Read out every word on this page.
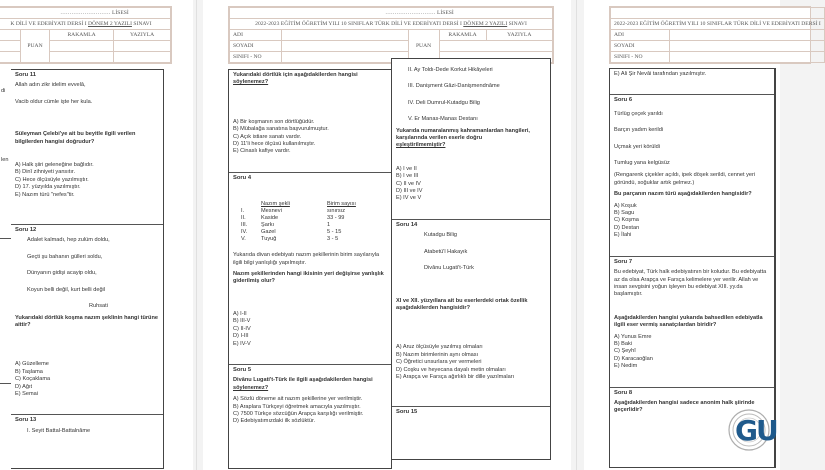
……………………… LİSESİ			
K DİLİ VE EDEBİYATI DERSİ I DÖNEM 2 YAZILI SINAVI			
	PUAN	RAKAMLA	YAZIYLA

di
len
Soru 11
Allah adın zikr idelim evvelâ,
Vacib oldur cümle işte her kula.
Süleyman Çelebi'ye ait bu beyitle ilgili verilen bilgilerden hangisi doğrudur?
A) Halk şiiri geleneğine bağlıdır.
B) Dinî zihniyeti yansıtır.
C) Hece ölçüsüyle yazılmıştır.
D) 17. yüzyılda yazılmıştır.
E) Nazım türü "nefes"tir.
Soru 12
Adalet kalmadı, hep zulüm doldu,
Geçti şu bahanın gülleri soldu,
Dünyanın gidişi acayip oldu,
Koyun belli değil, kurt belli değil
Ruhsati
Yukarıdaki dörtlük koşma nazım şeklinin hangi türüne aittir?
A) Güzelleme
B) Taşlama
C) Koçaklama
D) Ağıt
E) Semai
Soru 13
I. Seyit Battal-Battalnâme
……………………… LİSESİ
2022-2023 EĞİTİM ÖĞRETİM YILI 10 SINIFLAR TÜRK DİLİ VE EDEBİYATI DERSİ I DÖNEM 2 YAZILI SINAVI
ADI		PUAN	
RAKAMLA	YAZIYLA

SOYADI		
SINIFI - NO		
Yukarıdaki dörtlük için aşağıdakilerden hangisi
söylenemez?
A) Bir koşmanın son dörtlüğüdür.
B) Mübalağa sanatına başvurulmuştur.
C) Açık istiare sanatı vardır.
D) 11'li hece ölçüsü kullanılmıştır.
E) Cinaslı kafiye vardır.
Soru 4
	Nazım şekli	Birim sayısı
I.	Mesnevi	sınırsız
II.	Kaside	33 - 99
III.	Şarkı	1
IV.	Gazel	5 - 15
V.	Tuyuğ	3 - 5
Yukarıda divan edebiyatı nazım şekillerinin birim sayılarıyla ilgili bilgi yanlışlığı yapılmıştır.
Nazım şekillerinden hangi ikisinin yeri değişirse yanlışlık giderilmiş olur?
A) I-II
B) III-V
C) II-IV
D) I-III
E) IV-V
Soru 5
Divânu Lugati't-Türk ile ilgili aşağıdakilerden hangisi
söylenemez?
A) Sözlü döneme ait nazım şekillerine yer verilmiştir.
B) Araplara Türkçeyi öğretmek amacıyla yazılmıştır.
C) 7500 Türkçe sözcüğün Arapça karşılığı verilmiştir.
D) Edebiyatımızdaki ilk sözlüktür.
II. Ay Toldı-Dede Korkut Hikâyeleri
III. Danişment Gâzi-Danişmendnâme
IV. Deli Dumrul-Kutadgu Bilig
V. Er Manas-Manas Destanı
Yukarıda numaralanmış kahramanlardan hangileri, karşılarında verilen eserle doğru
eşleştirilmemiştir?
A) I ve II
B) I ve III
C) II ve IV
D) III ve IV
E) IV ve V
Soru 14
Kutadgu Bilig
Atabetü'l Hakayık
Divânu Lugati't-Türk
XI ve XII. yüzyıllara ait bu eserlerdeki ortak özellik aşağıdakilerden hangisidir?
A) Aruz ölçüsüyle yazılmış olmaları
B) Nazım birimlerinin aynı olması
C) Öğretici unsurlara yer vermeleri
D) Coşku ve heyecana dayalı metin olmaları
E) Arapça ve Farsça ağırlıklı bir dille yazılmaları
Soru 15

2022-2023 EĞİTİM ÖĞRETİM YILI 10 SINIFLAR TÜRK DİLİ VE EDEBİYATI DERSİ I	
ADI	
SOYADI	
SINIFI - NO	
E) Ali Şir Nevâi tarafından yazılmıştır.
Soru 6
Türlüg çeçek yarıldı
Barçın yadım kerildi
Uçmak yeri körüldi
Tumlug yana kelgüsüz
(Rengarenk çiçekler açıldı, ipek döşek serildi, cennet yeri göründü, soğuklar artık gelmez.)
Bu parçanın nazım türü aşağıdakilerden hangisidir?
A) Koşuk
B) Sagu
C) Koşma
D) Destan
E) İlahi
Soru 7
Bu edebiyat, Türk halk edebiyatının bir koludur. Bu edebiyatta az da olsa Arapça ve Farsça kelimelere yer verilir. Allah ve insan sevgisini yoğun işleyen bu edebiyat XIII. yy.da başlamıştır.
Aşağıdakilerden hangisi yukarıda bahsedilen edebiyatla ilgili eser vermiş sanatçılardan biridir?
A) Yunus Emre
B) Baki
C) Şeyhî
D) Karacaoğlan
E) Nedim
Soru 8
Aşağıdakilerden hangisi sadece anonim halk şiirinde geçerlidir?
GU
